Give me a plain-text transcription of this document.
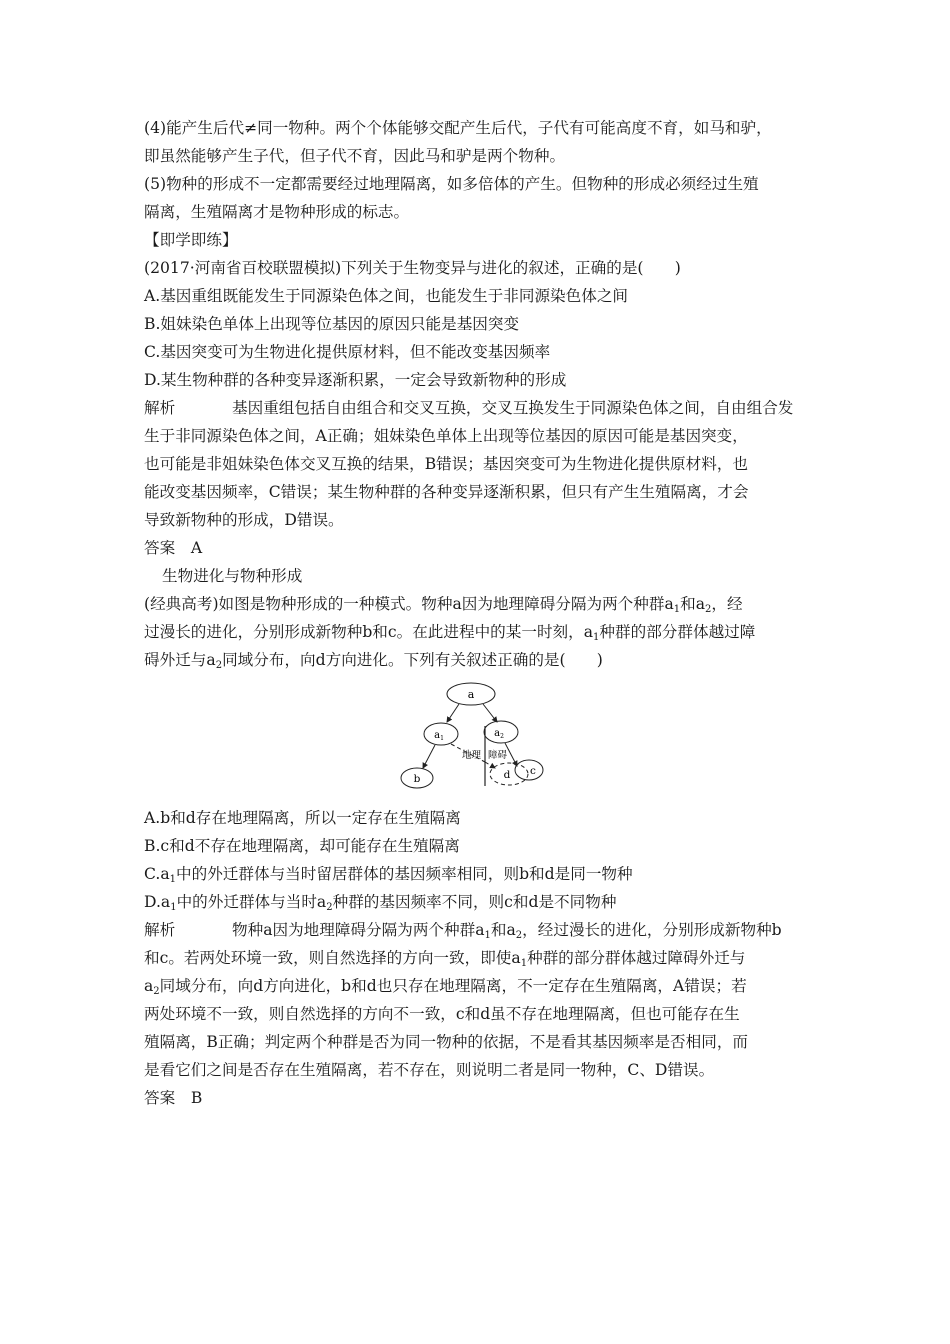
(4)能产生后代≠同一物种。两个个体能够交配产生后代，子代有可能高度不育，如马和驴，

即虽然能够产生子代，但子代不育，因此马和驴是两个物种。

(5)物种的形成不一定都需要经过地理隔离，如多倍体的产生。但物种的形成必须经过生殖

隔离，生殖隔离才是物种形成的标志。

【即学即练】

(2017·河南省百校联盟模拟)下列关于生物变异与进化的叙述，正确的是(　　)

A.基因重组既能发生于同源染色体之间，也能发生于非同源染色体之间

B.姐妹染色单体上出现等位基因的原因只能是基因突变

C.基因突变可为生物进化提供原材料，但不能改变基因频率

D.某生物种群的各种变异逐渐积累，一定会导致新物种的形成

解析	基因重组包括自由组合和交叉互换，交叉互换发生于同源染色体之间，自由组合发

生于非同源染色体之间，A正确；姐妹染色单体上出现等位基因的原因可能是基因突变，

也可能是非姐妹染色体交叉互换的结果，B错误；基因突变可为生物进化提供原材料，也

能改变基因频率，C错误；某生物种群的各种变异逐渐积累，但只有产生生殖隔离，才会

导致新物种的形成，D错误。

答案　 A

生物进化与物种形成

(经典高考)如图是物种形成的一种模式。物种a因为地理障碍分隔为两个种群$a_1$和$a_2$，经

过漫长的进化，分别形成新物种b和c。在此进程中的某一时刻，$a_1$种群的部分群体越过障

碍外迁与$a_2$同域分布，向d方向进化。下列有关叙述正确的是(　　)

a
$a_1$	$a_2$
地理 障碍
b	d c

A.b和d存在地理隔离，所以一定存在生殖隔离

B.c和d不存在地理隔离，却可能存在生殖隔离

$C.a_1$中的外迁群体与当时留居群体的基因频率相同，则b和d是同一物种

$D.a_1$中的外迁群体与当时$a_2$种群的基因频率不同，则c和d是不同物种

解析	物种a因为地理障碍分隔为两个种群$a_1$和$a_2$，经过漫长的进化，分别形成新物种b

和c。若两处环境一致，则自然选择的方向一致，即使$a_1$种群的部分群体越过障碍外迁与

$a_2$同域分布，向d方向进化，b和d也只存在地理隔离，不一定存在生殖隔离，A错误；若

两处环境不一致，则自然选择的方向不一致，c和d虽不存在地理隔离，但也可能存在生

殖隔离，B正确；判定两个种群是否为同一物种的依据，不是看其基因频率是否相同，而

是看它们之间是否存在生殖隔离，若不存在，则说明二者是同一物种，C、D错误。

答案　 B
